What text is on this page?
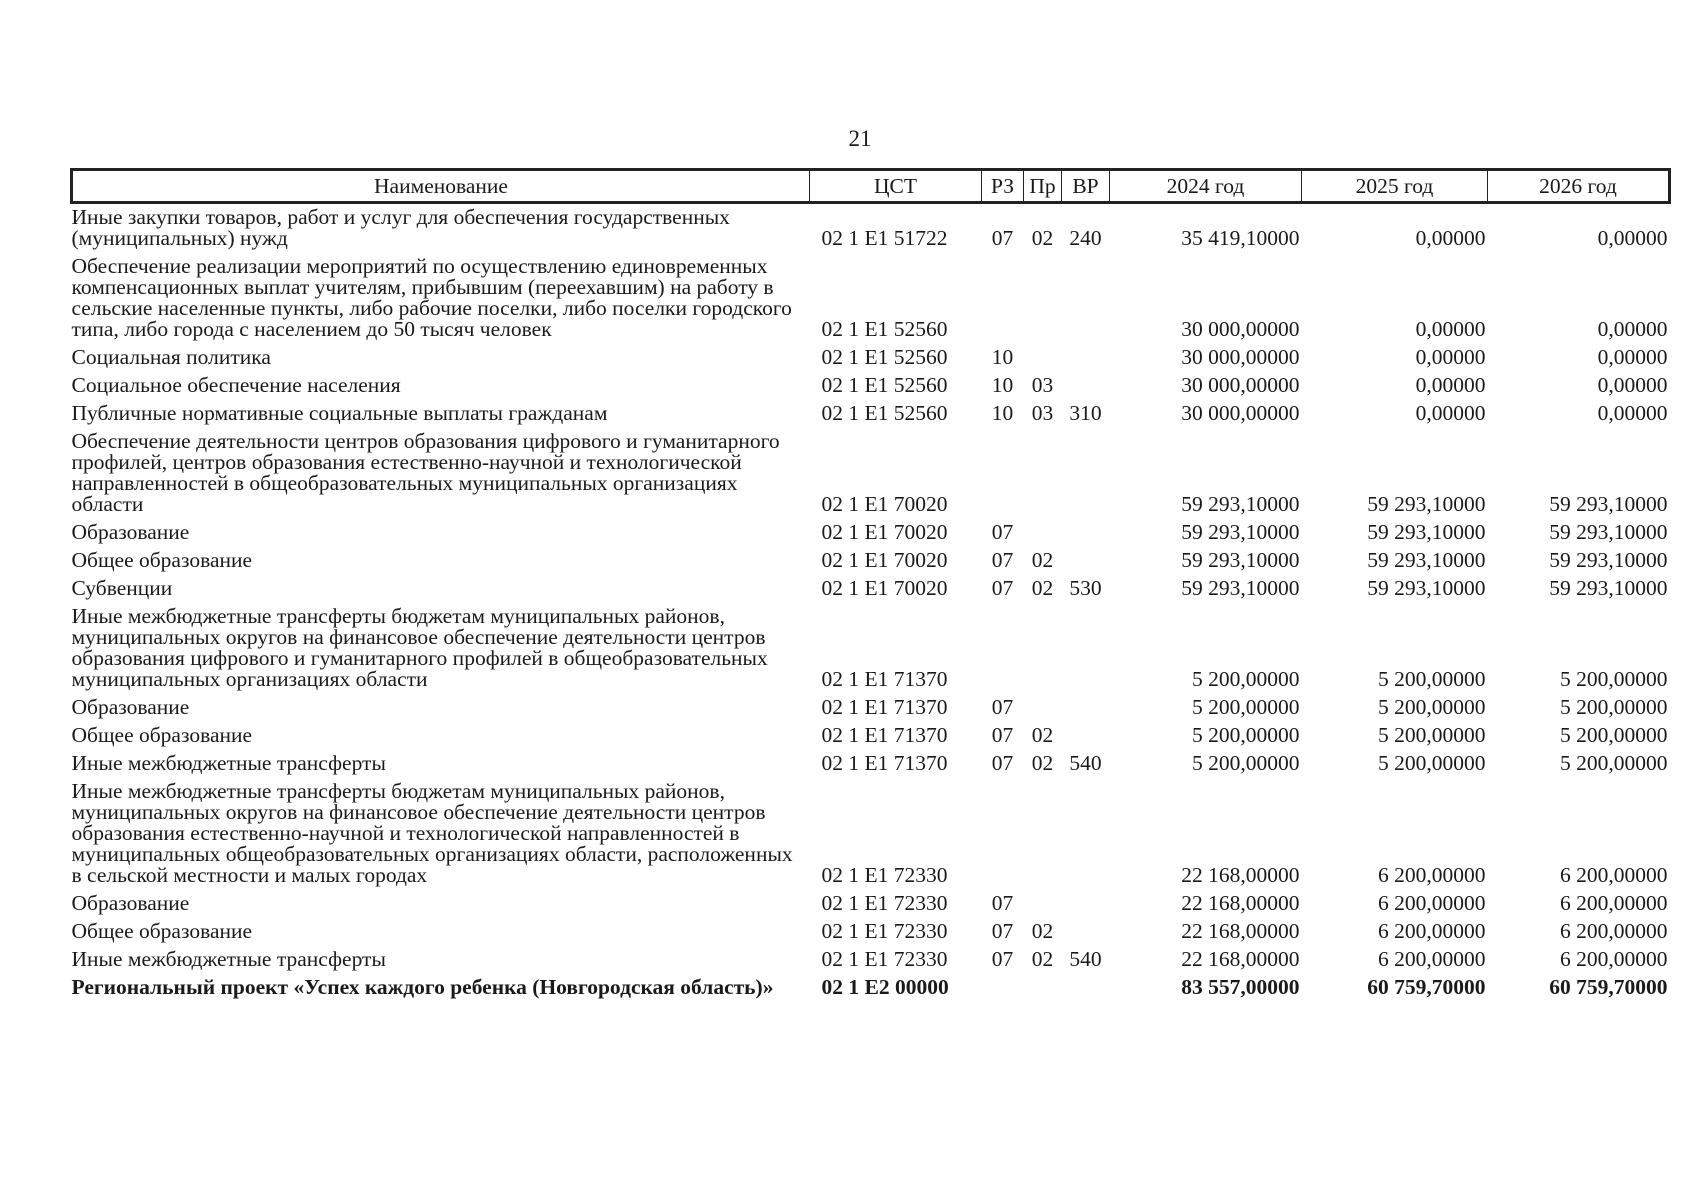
21
Наименование	ЦСТ	РЗ	Пр	ВР	2024 год	2025 год	2026 год
Иные закупки товаров, работ и услуг для обеспечения государственных (муниципальных) нужд	02 1 E1 51722	07	02	240	35 419,10000	0,00000	0,00000
Обеспечение реализации мероприятий по осуществлению единовременных компенсационных выплат учителям, прибывшим (переехавшим) на работу в сельские населенные пункты, либо рабочие поселки, либо поселки городского типа, либо города с населением до 50 тысяч человек	02 1 E1 52560				30 000,00000	0,00000	0,00000
Социальная политика	02 1 E1 52560	10			30 000,00000	0,00000	0,00000
Социальное обеспечение населения	02 1 E1 52560	10	03		30 000,00000	0,00000	0,00000
Публичные нормативные социальные выплаты гражданам	02 1 E1 52560	10	03	310	30 000,00000	0,00000	0,00000
Обеспечение деятельности центров образования цифрового и гуманитарного профилей, центров образования естественно-научной и технологической направленностей в общеобразовательных муниципальных организациях области	02 1 E1 70020				59 293,10000	59 293,10000	59 293,10000
Образование	02 1 E1 70020	07			59 293,10000	59 293,10000	59 293,10000
Общее образование	02 1 E1 70020	07	02		59 293,10000	59 293,10000	59 293,10000
Субвенции	02 1 E1 70020	07	02	530	59 293,10000	59 293,10000	59 293,10000
Иные межбюджетные трансферты бюджетам муниципальных районов, муниципальных округов на финансовое обеспечение деятельности центров образования цифрового и гуманитарного профилей в общеобразовательных муниципальных организациях области	02 1 E1 71370				5 200,00000	5 200,00000	5 200,00000
Образование	02 1 E1 71370	07			5 200,00000	5 200,00000	5 200,00000
Общее образование	02 1 E1 71370	07	02		5 200,00000	5 200,00000	5 200,00000
Иные межбюджетные трансферты	02 1 E1 71370	07	02	540	5 200,00000	5 200,00000	5 200,00000
Иные межбюджетные трансферты бюджетам муниципальных районов, муниципальных округов на финансовое обеспечение деятельности центров образования естественно-научной и технологической направленностей в муниципальных общеобразовательных организациях области, расположенных в сельской местности и малых городах	02 1 E1 72330				22 168,00000	6 200,00000	6 200,00000
Образование	02 1 E1 72330	07			22 168,00000	6 200,00000	6 200,00000
Общее образование	02 1 E1 72330	07	02		22 168,00000	6 200,00000	6 200,00000
Иные межбюджетные трансферты	02 1 E1 72330	07	02	540	22 168,00000	6 200,00000	6 200,00000
Региональный проект «Успех каждого ребенка (Новгородская область)»	02 1 E2 00000				83 557,00000	60 759,70000	60 759,70000
